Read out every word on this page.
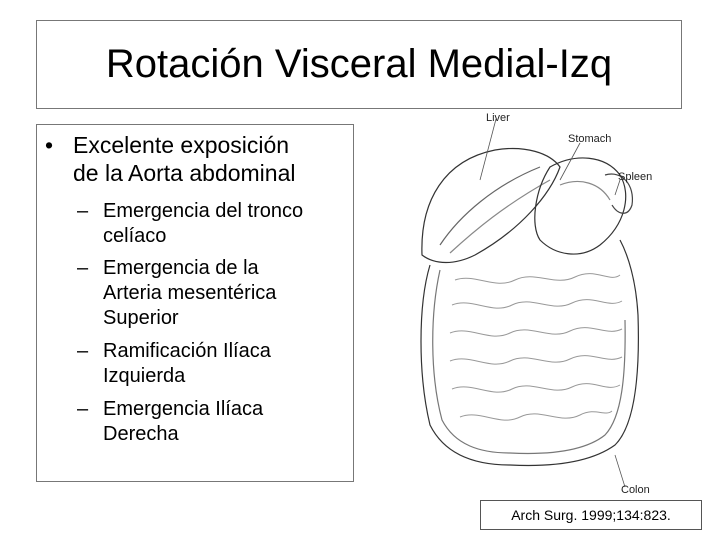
Rotación Visceral Medial-Izq
• Excelente exposición
de la Aorta abdominal
– Emergencia del tronco
celíaco
– Emergencia de la
Arteria mesentérica
Superior
– Ramificación Ilíaca
Izquierda
– Emergencia Ilíaca
Derecha
Liver
Stomach
Spleen
Colon
Arch Surg. 1999;134:823.
